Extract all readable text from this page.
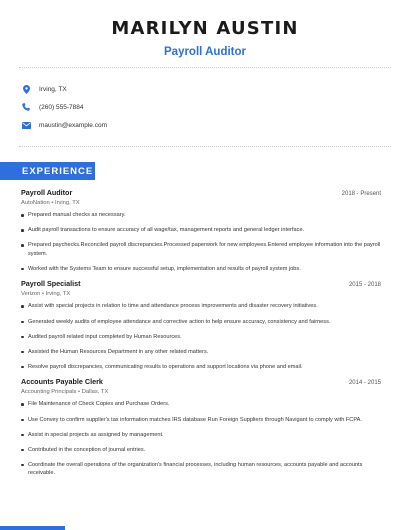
MARILYN AUSTIN
Payroll Auditor
Irving, TX
(260) 555-7884
maustin@example.com
EXPERIENCE
Payroll Auditor	2018 - Present
AutoNation • Irving, TX
Prepared manual checks as necessary.
Audit payroll transactions to ensure accuracy of all wage/tax, management reports and general ledger interface.
Prepared paychecks.Reconciled payroll discrepancies.Processed paperwork for new employees.Entered employee information into the payroll system.
Worked with the Systems Team to ensure successful setup, implementation and results of payroll system jobs.
Payroll Specialist	2015 - 2018
Verizon • Irving, TX
Assist with special projects in relation to time and attendance process improvements and disaster recovery initiatives.
Generated weekly audits of employee attendance and corrective action to help ensure accuracy, consistency and fairness.
Audited payroll related input completed by Human Resources.
Assisted the Human Resources Department in any other related matters.
Resolve payroll discrepancies, communicating results to operations and support locations via phone and email.
Accounts Payable Clerk	2014 - 2015
Accounting Principals • Dallas, TX
File Maintenance of Check Copies and Purchase Orders.
Use Convey to confirm supplier's tax information matches IRS database Run Foreign Suppliers through Navigant to comply with FCPA.
Assist in special projects as assigned by management.
Contributed in the conception of journal entries.
Coordinate the overall operations of the organization's financial processes, including human resources, accounts payable and accounts receivable.
